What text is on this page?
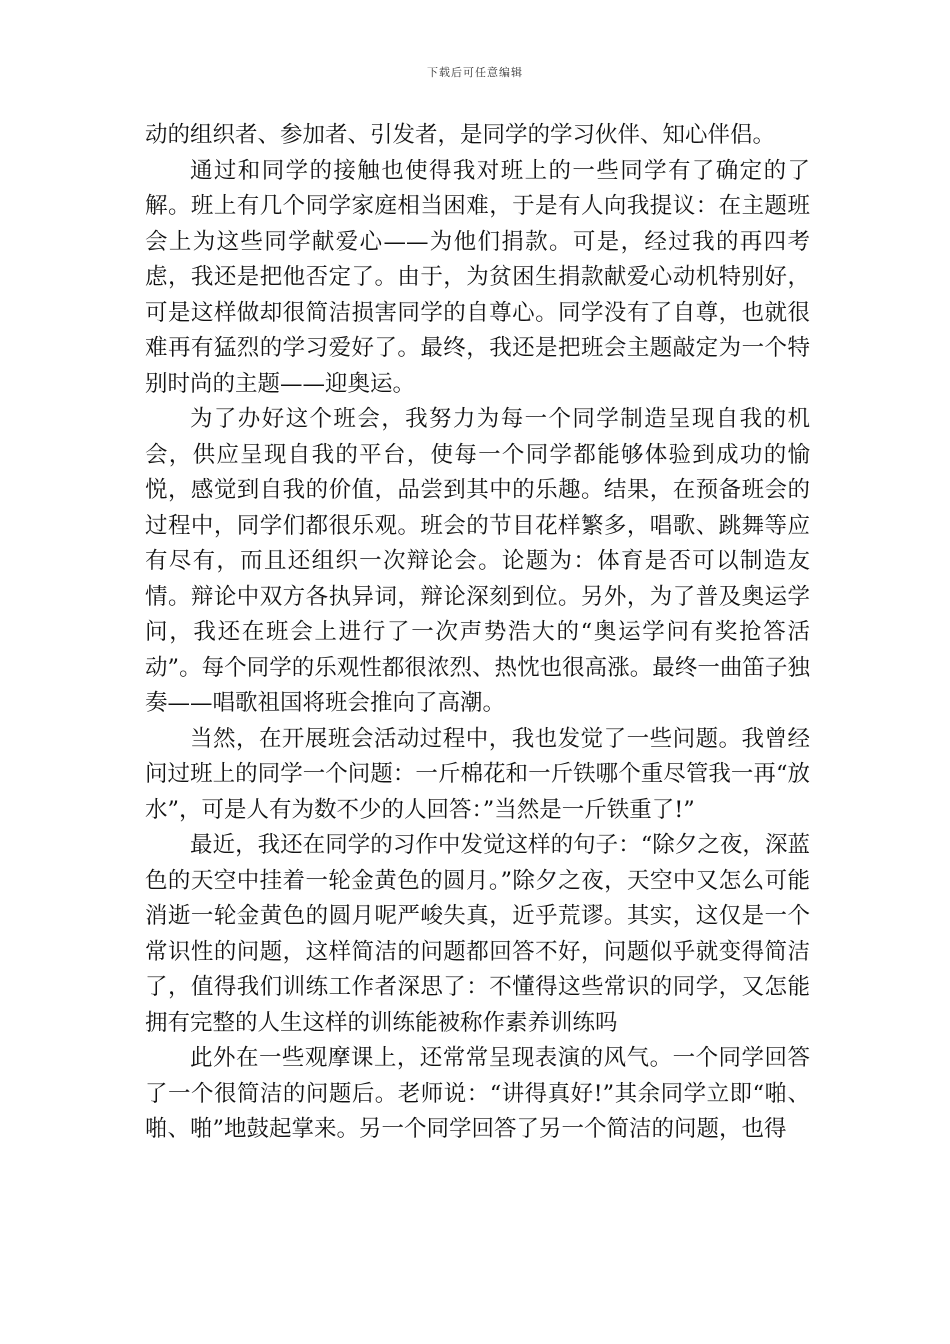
下载后可任意编辑

动的组织者、参加者、引发者，是同学的学习伙伴、知心伴侣。

通过和同学的接触也使得我对班上的一些同学有了确定的了解。班上有几个同学家庭相当困难，于是有人向我提议：在主题班会上为这些同学献爱心——为他们捐款。可是，经过我的再四考虑，我还是把他否定了。由于，为贫困生捐款献爱心动机特别好，可是这样做却很简洁损害同学的自尊心。同学没有了自尊，也就很难再有猛烈的学习爱好了。最终，我还是把班会主题敲定为一个特别时尚的主题——迎奥运。

为了办好这个班会，我努力为每一个同学制造呈现自我的机会，供应呈现自我的平台，使每一个同学都能够体验到成功的愉悦，感觉到自我的价值，品尝到其中的乐趣。结果，在预备班会的过程中，同学们都很乐观。班会的节目花样繁多，唱歌、跳舞等应有尽有，而且还组织一次辩论会。论题为：体育是否可以制造友情。辩论中双方各执异词，辩论深刻到位。另外，为了普及奥运学问，我还在班会上进行了一次声势浩大的“奥运学问有奖抢答活动”。每个同学的乐观性都很浓烈、热忱也很高涨。最终一曲笛子独奏——唱歌祖国将班会推向了高潮。

当然，在开展班会活动过程中，我也发觉了一些问题。我曾经问过班上的同学一个问题：一斤棉花和一斤铁哪个重尽管我一再“放水”，可是人有为数不少的人回答：”当然是一斤铁重了!”

最近，我还在同学的习作中发觉这样的句子：“除夕之夜，深蓝色的天空中挂着一轮金黄色的圆月。”除夕之夜，天空中又怎么可能消逝一轮金黄色的圆月呢严峻失真，近乎荒谬。其实，这仅是一个常识性的问题，这样简洁的问题都回答不好，问题似乎就变得简洁了，值得我们训练工作者深思了：不懂得这些常识的同学，又怎能拥有完整的人生这样的训练能被称作素养训练吗

此外在一些观摩课上，还常常呈现表演的风气。一个同学回答了一个很简洁的问题后。老师说：“讲得真好!”其余同学立即“啪、啪、啪”地鼓起掌来。另一个同学回答了另一个简洁的问题，也得
